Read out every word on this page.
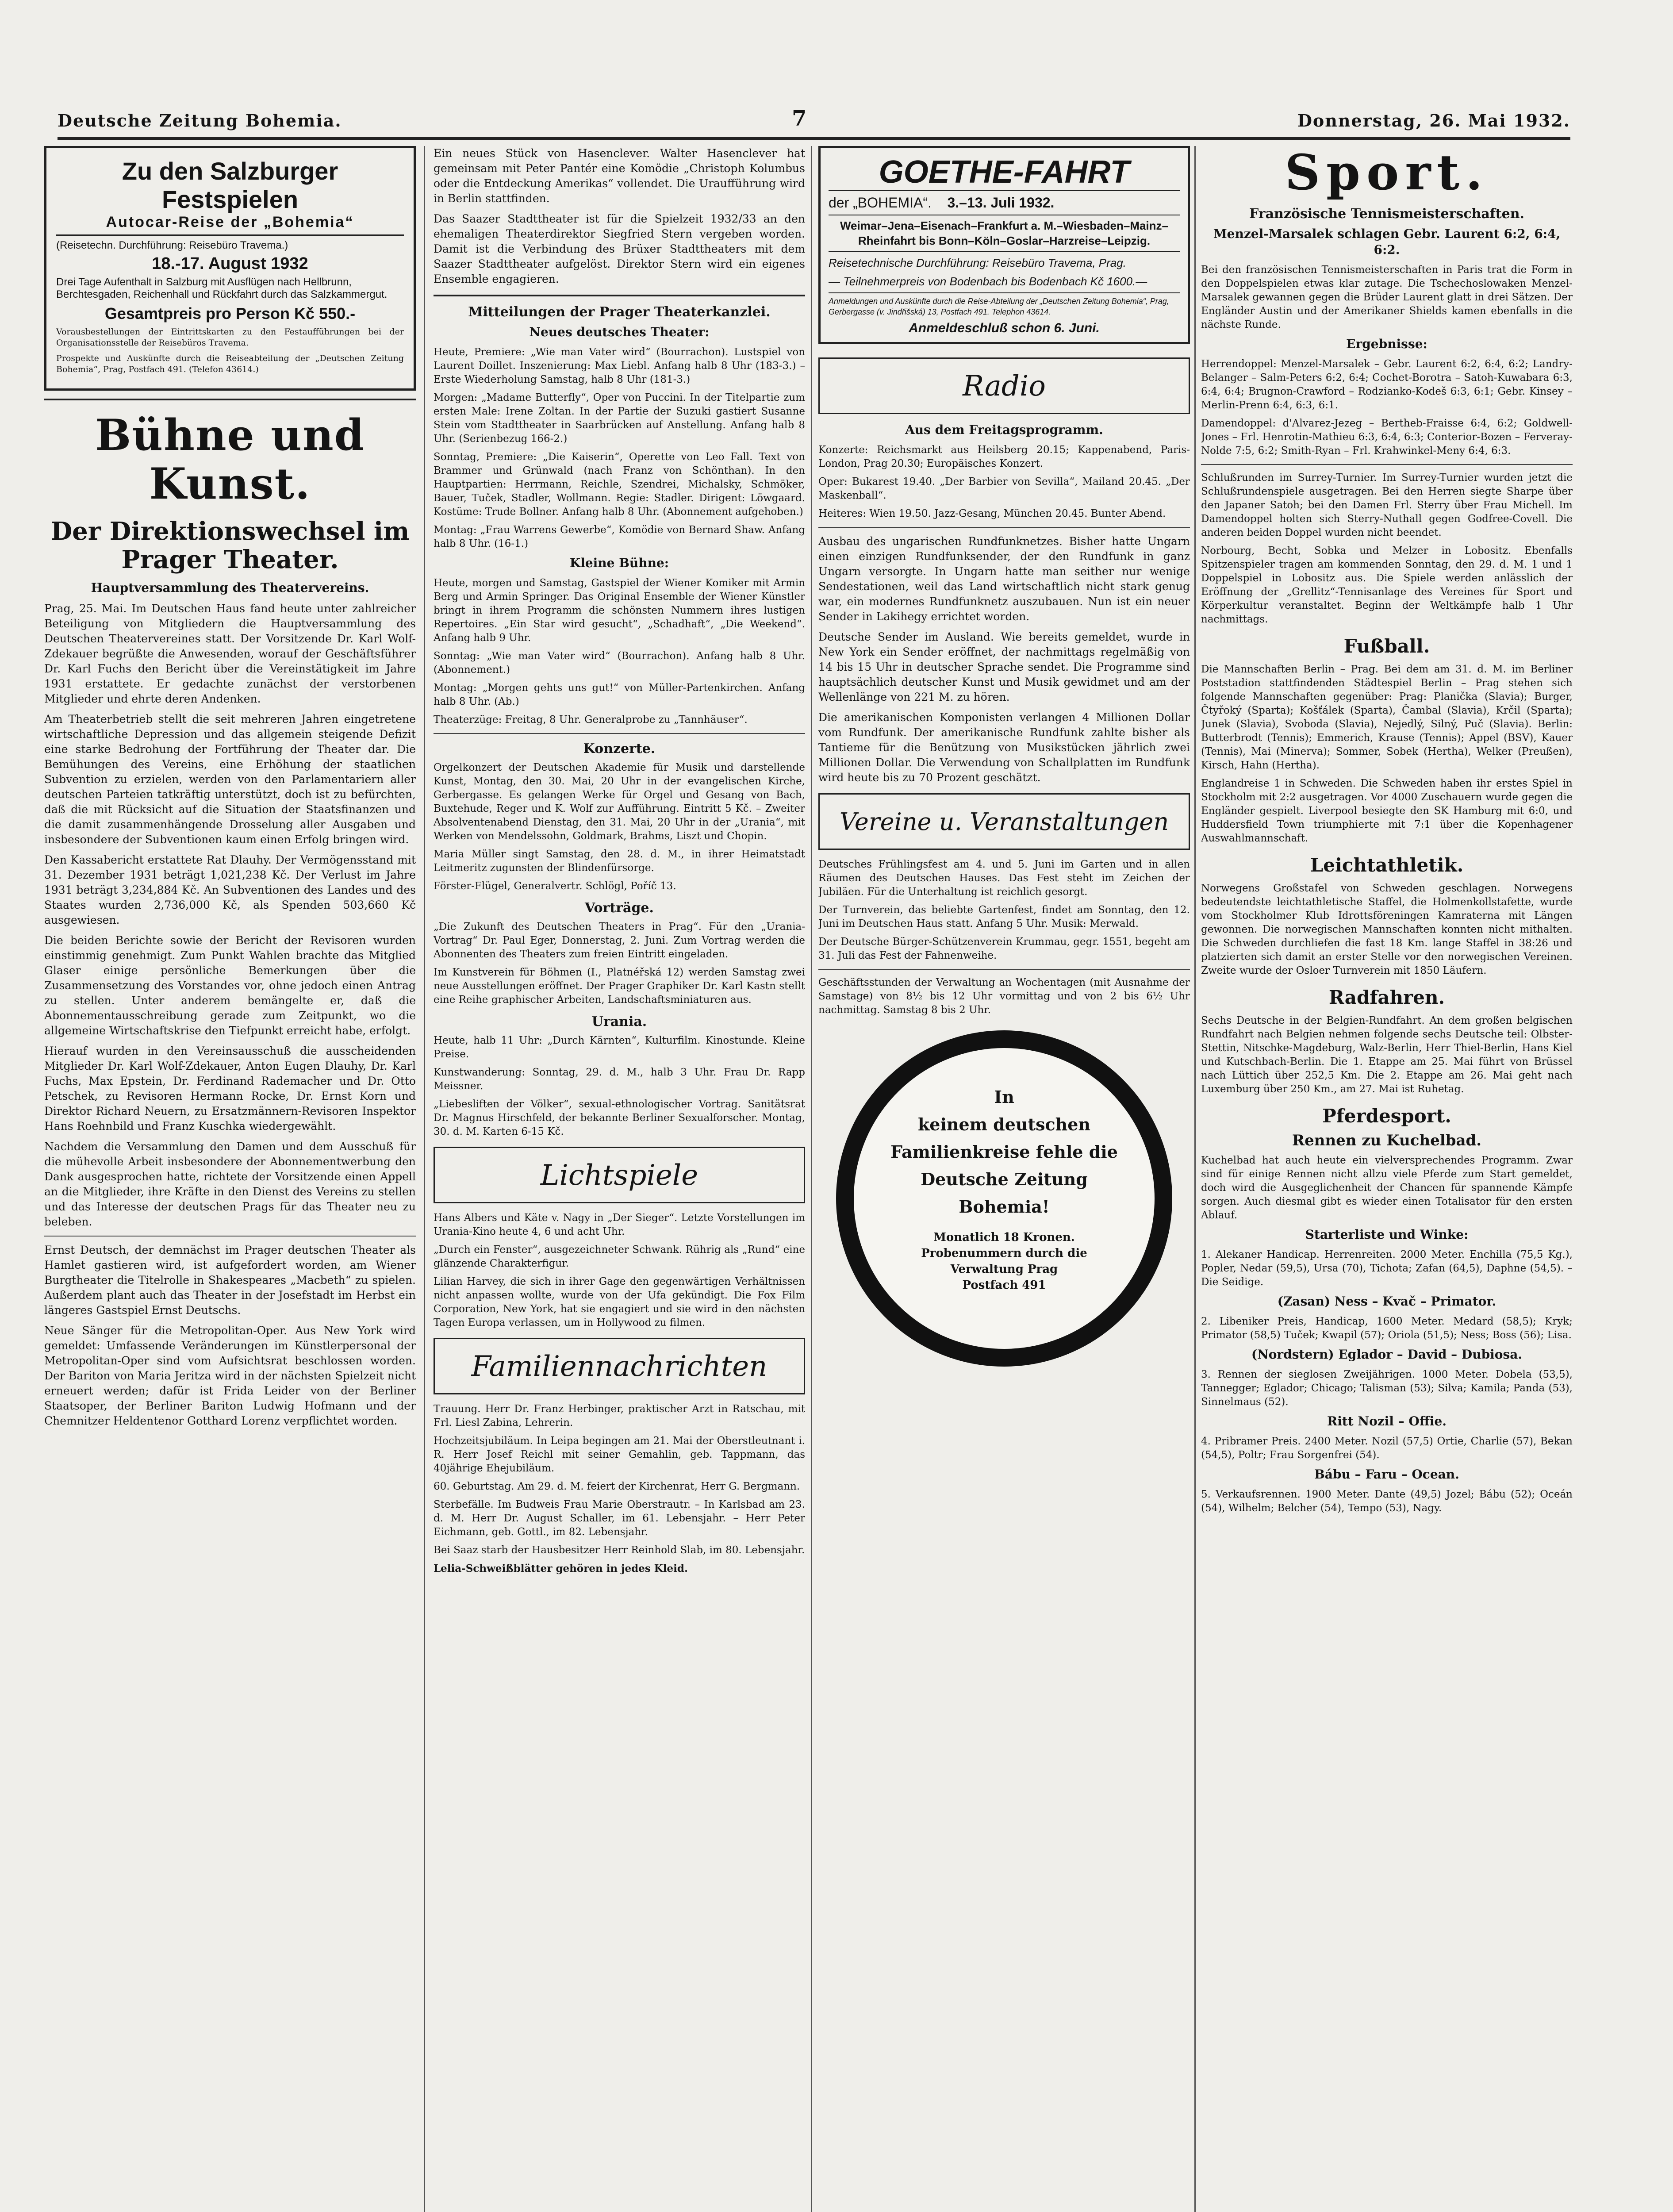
Deutsche Zeitung Bohemia.	7	Donnerstag, 26. Mai 1932.
Zu den Salzburger Festspielen
Autocar-Reise der „Bohemia“
(Reisetechn. Durchführung: Reisebüro Travema.)
18.-17. August 1932
Drei Tage Aufenthalt in Salzburg mit Ausflügen nach Hellbrunn, Berchtesgaden, Reichenhall und Rückfahrt durch das Salzkammergut.
Gesamtpreis pro Person Kč 550.-
Vorausbestellungen der Eintrittskarten zu den Festaufführungen bei der Organisationsstelle der Reisebüros Travema.
Prospekte und Auskünfte durch die Reiseabteilung der „Deutschen Zeitung Bohemia“, Prag, Postfach 491. (Telefon 43614.)
Bühne und Kunst.
Der Direktionswechsel im Prager Theater.
Hauptversammlung des Theatervereins.

Prag, 25. Mai. Im Deutschen Haus fand heute unter zahlreicher Beteiligung von Mitgliedern die Hauptversammlung des Deutschen Theatervereines statt. Der Vorsitzende Dr. Karl Wolf-Zdekauer begrüßte die Anwesenden, worauf der Geschäftsführer Dr. Karl Fuchs den Bericht über die Vereinstätigkeit im Jahre 1931 erstattete. Er gedachte zunächst der verstorbenen Mitglieder und ehrte deren Andenken.

Am Theaterbetrieb stellt die seit mehreren Jahren eingetretene wirtschaftliche Depression und das allgemein steigende Defizit eine starke Bedrohung der Fortführung der Theater dar. Die Bemühungen des Vereins, eine Erhöhung der staatlichen Subvention zu erzielen, werden von den Parlamentariern aller deutschen Parteien tatkräftig unterstützt, doch ist zu befürchten, daß die mit Rücksicht auf die Situation der Staatsfinanzen und die damit zusammenhängende Drosselung aller Ausgaben und insbesondere der Subventionen kaum einen Erfolg bringen wird.

Den Kassabericht erstattete Rat Dlauhy. Der Vermögensstand mit 31. Dezember 1931 beträgt 1,021,238 Kč. Der Verlust im Jahre 1931 beträgt 3,234,884 Kč. An Subventionen des Landes und des Staates wurden 2,736,000 Kč, als Spenden 503,660 Kč ausgewiesen.

Die beiden Berichte sowie der Bericht der Revisoren wurden einstimmig genehmigt. Zum Punkt Wahlen brachte das Mitglied Glaser einige persönliche Bemerkungen über die Zusammensetzung des Vorstandes vor, ohne jedoch einen Antrag zu stellen. Unter anderem bemängelte er, daß die Abonnementausschreibung gerade zum Zeitpunkt, wo die allgemeine Wirtschaftskrise den Tiefpunkt erreicht habe, erfolgt.

Hierauf wurden in den Vereinsausschuß die ausscheidenden Mitglieder Dr. Karl Wolf-Zdekauer, Anton Eugen Dlauhy, Dr. Karl Fuchs, Max Epstein, Dr. Ferdinand Rademacher und Dr. Otto Petschek, zu Revisoren Hermann Rocke, Dr. Ernst Korn und Direktor Richard Neuern, zu Ersatzmännern-Revisoren Inspektor Hans Roehnbild und Franz Kuschka wiedergewählt.

Nachdem die Versammlung den Damen und dem Ausschuß für die mühevolle Arbeit insbesondere der Abonnementwerbung den Dank ausgesprochen hatte, richtete der Vorsitzende einen Appell an die Mitglieder, ihre Kräfte in den Dienst des Vereins zu stellen und das Interesse der deutschen Prags für das Theater neu zu beleben.

Ernst Deutsch, der demnächst im Prager deutschen Theater als Hamlet gastieren wird, ist aufgefordert worden, am Wiener Burgtheater die Titelrolle in Shakespeares „Macbeth“ zu spielen. Außerdem plant auch das Theater in der Josefstadt im Herbst ein längeres Gastspiel Ernst Deutschs.

Neue Sänger für die Metropolitan-Oper. Aus New York wird gemeldet: Umfassende Veränderungen im Künstlerpersonal der Metropolitan-Oper sind vom Aufsichtsrat beschlossen worden. Der Bariton von Maria Jeritza wird in der nächsten Spielzeit nicht erneuert werden; dafür ist Frida Leider von der Berliner Staatsoper, der Berliner Bariton Ludwig Hofmann und der Chemnitzer Heldentenor Gotthard Lorenz verpflichtet worden.

Ein neues Stück von Hasenclever. Walter Hasenclever hat gemeinsam mit Peter Pantér eine Komödie „Christoph Kolumbus oder die Entdeckung Amerikas“ vollendet. Die Uraufführung wird in Berlin stattfinden.

Das Saazer Stadttheater ist für die Spielzeit 1932/33 an den ehemaligen Theaterdirektor Siegfried Stern vergeben worden. Damit ist die Verbindung des Brüxer Stadttheaters mit dem Saazer Stadttheater aufgelöst. Direktor Stern wird ein eigenes Ensemble engagieren.

Mitteilungen der Prager Theaterkanzlei.
Neues deutsches Theater:

Heute, Premiere: „Wie man Vater wird“ (Bourrachon). Lustspiel von Laurent Doillet. Inszenierung: Max Liebl. Anfang halb 8 Uhr (183-3.) – Erste Wiederholung Samstag, halb 8 Uhr (181-3.)

Morgen: „Madame Butterfly“, Oper von Puccini. In der Titelpartie zum ersten Male: Irene Zoltan. In der Partie der Suzuki gastiert Susanne Stein vom Stadttheater in Saarbrücken auf Anstellung. Anfang halb 8 Uhr. (Serienbezug 166-2.)

Sonntag, Premiere: „Die Kaiserin“, Operette von Leo Fall. Text von Brammer und Grünwald (nach Franz von Schönthan). In den Hauptpartien: Herrmann, Reichle, Szendrei, Michalsky, Schmöker, Bauer, Tuček, Stadler, Wollmann. Regie: Stadler. Dirigent: Löwgaard. Kostüme: Trude Bollner. Anfang halb 8 Uhr. (Abonnement aufgehoben.)

Montag: „Frau Warrens Gewerbe“, Komödie von Bernard Shaw. Anfang halb 8 Uhr. (16-1.)

Kleine Bühne:

Heute, morgen und Samstag, Gastspiel der Wiener Komiker mit Armin Berg und Armin Springer. Das Original Ensemble der Wiener Künstler bringt in ihrem Programm die schönsten Nummern ihres lustigen Repertoires. „Ein Star wird gesucht“, „Schadhaft“, „Die Weekend“. Anfang halb 9 Uhr.

Sonntag: „Wie man Vater wird“ (Bourrachon). Anfang halb 8 Uhr. (Abonnement.)

Montag: „Morgen gehts uns gut!“ von Müller-Partenkirchen. Anfang halb 8 Uhr. (Ab.)

Theaterzüge: Freitag, 8 Uhr. Generalprobe zu „Tannhäuser“.

Konzerte.

Orgelkonzert der Deutschen Akademie für Musik und darstellende Kunst, Montag, den 30. Mai, 20 Uhr in der evangelischen Kirche, Gerbergasse. Es gelangen Werke für Orgel und Gesang von Bach, Buxtehude, Reger und K. Wolf zur Aufführung. Eintritt 5 Kč. – Zweiter Absolventenabend Dienstag, den 31. Mai, 20 Uhr in der „Urania“, mit Werken von Mendelssohn, Goldmark, Brahms, Liszt und Chopin.

Maria Müller singt Samstag, den 28. d. M., in ihrer Heimatstadt Leitmeritz zugunsten der Blindenfürsorge.

Förster-Flügel, Generalvertr. Schlögl, Poříč 13.

Vorträge.

„Die Zukunft des Deutschen Theaters in Prag“. Für den „Urania-Vortrag“ Dr. Paul Eger, Donnerstag, 2. Juni. Zum Vortrag werden die Abonnenten des Theaters zum freien Eintritt eingeladen.

Im Kunstverein für Böhmen (I., Platnéřská 12) werden Samstag zwei neue Ausstellungen eröffnet. Der Prager Graphiker Dr. Karl Kastn stellt eine Reihe graphischer Arbeiten, Landschaftsminiaturen aus.

Urania.

Heute, halb 11 Uhr: „Durch Kärnten“, Kulturfilm. Kinostunde. Kleine Preise.

Kunstwanderung: Sonntag, 29. d. M., halb 3 Uhr. Frau Dr. Rapp Meissner.

„Liebesliften der Völker“, sexual-ethnologischer Vortrag. Sanitätsrat Dr. Magnus Hirschfeld, der bekannte Berliner Sexualforscher. Montag, 30. d. M. Karten 6-15 Kč.

Lichtspiele

Hans Albers und Käte v. Nagy in „Der Sieger“. Letzte Vorstellungen im Urania-Kino heute 4, 6 und acht Uhr.

„Durch ein Fenster“, ausgezeichneter Schwank. Rührig als „Rund“ eine glänzende Charakterfigur.

Lilian Harvey, die sich in ihrer Gage den gegenwärtigen Verhältnissen nicht anpassen wollte, wurde von der Ufa gekündigt. Die Fox Film Corporation, New York, hat sie engagiert und sie wird in den nächsten Tagen Europa verlassen, um in Hollywood zu filmen.

Familiennachrichten

Trauung. Herr Dr. Franz Herbinger, praktischer Arzt in Ratschau, mit Frl. Liesl Zabina, Lehrerin.

Hochzeitsjubiläum. In Leipa begingen am 21. Mai der Oberstleutnant i. R. Herr Josef Reichl mit seiner Gemahlin, geb. Tappmann, das 40jährige Ehejubiläum.

60. Geburtstag. Am 29. d. M. feiert der Kirchenrat, Herr G. Bergmann.

Sterbefälle. Im Budweis Frau Marie Oberstrautr. – In Karlsbad am 23. d. M. Herr Dr. August Schaller, im 61. Lebensjahr. – Herr Peter Eichmann, geb. Gottl., im 82. Lebensjahr.

Bei Saaz starb der Hausbesitzer Herr Reinhold Slab, im 80. Lebensjahr.

Lelia-Schweißblätter gehören in jedes Kleid.

GOETHE-FAHRT
der „BOHEMIA“. 3.–13. Juli 1932.
Weimar–Jena–Eisenach–Frankfurt a. M.–Wiesbaden–Mainz–Rheinfahrt bis Bonn–Köln–Goslar–Harzreise–Leipzig.
Reisetechnische Durchführung: Reisebüro Travema, Prag.
— Teilnehmerpreis von Bodenbach bis Bodenbach Kč 1600.—
Anmeldungen und Auskünfte durch die Reise-Abteilung der „Deutschen Zeitung Bohemia“, Prag, Gerbergasse (v. Jindřišská) 13, Postfach 491. Telephon 43614.
Anmeldeschluß schon 6. Juni.
Radio
Aus dem Freitagsprogramm.

Konzerte: Reichsmarkt aus Heilsberg 20.15; Kappenabend, Paris-London, Prag 20.30; Europäisches Konzert.

Oper: Bukarest 19.40. „Der Barbier von Sevilla“, Mailand 20.45. „Der Maskenball“.

Heiteres: Wien 19.50. Jazz-Gesang, München 20.45. Bunter Abend.

Ausbau des ungarischen Rundfunknetzes. Bisher hatte Ungarn einen einzigen Rundfunksender, der den Rundfunk in ganz Ungarn versorgte. In Ungarn hatte man seither nur wenige Sendestationen, weil das Land wirtschaftlich nicht stark genug war, ein modernes Rundfunknetz auszubauen. Nun ist ein neuer Sender in Lakihegy errichtet worden.

Deutsche Sender im Ausland. Wie bereits gemeldet, wurde in New York ein Sender eröffnet, der nachmittags regelmäßig von 14 bis 15 Uhr in deutscher Sprache sendet. Die Programme sind hauptsächlich deutscher Kunst und Musik gewidmet und am der Wellenlänge von 221 M. zu hören.

Die amerikanischen Komponisten verlangen 4 Millionen Dollar vom Rundfunk. Der amerikanische Rundfunk zahlte bisher als Tantieme für die Benützung von Musikstücken jährlich zwei Millionen Dollar. Die Verwendung von Schallplatten im Rundfunk wird heute bis zu 70 Prozent geschätzt.

Vereine u. Veranstaltungen

Deutsches Frühlingsfest am 4. und 5. Juni im Garten und in allen Räumen des Deutschen Hauses. Das Fest steht im Zeichen der Jubiläen. Für die Unterhaltung ist reichlich gesorgt.

Der Turnverein, das beliebte Gartenfest, findet am Sonntag, den 12. Juni im Deutschen Haus statt. Anfang 5 Uhr. Musik: Merwald.

Der Deutsche Bürger-Schützenverein Krummau, gegr. 1551, begeht am 31. Juli das Fest der Fahnenweihe.

Geschäftsstunden der Verwaltung an Wochentagen (mit Ausnahme der Samstage) von 8½ bis 12 Uhr vormittag und von 2 bis 6½ Uhr nachmittag. Samstag 8 bis 2 Uhr.

In
keinem deutschen
Familienkreise fehle die
Deutsche Zeitung Bohemia!
Monatlich 18 Kronen.
Probenummern durch die
Verwaltung Prag
Postfach 491
Sport.
Französische Tennismeisterschaften.
Menzel-Marsalek schlagen Gebr. Laurent 6:2, 6:4, 6:2.

Bei den französischen Tennismeisterschaften in Paris trat die Form in den Doppelspielen etwas klar zutage. Die Tschechoslowaken Menzel-Marsalek gewannen gegen die Brüder Laurent glatt in drei Sätzen. Der Engländer Austin und der Amerikaner Shields kamen ebenfalls in die nächste Runde.

Ergebnisse:

Herrendoppel: Menzel-Marsalek – Gebr. Laurent 6:2, 6:4, 6:2; Landry-Belanger – Salm-Peters 6:2, 6:4; Cochet-Borotra – Satoh-Kuwabara 6:3, 6:4, 6:4; Brugnon-Crawford – Rodzianko-Kodeš 6:3, 6:1; Gebr. Kinsey – Merlin-Prenn 6:4, 6:3, 6:1.

Damendoppel: d'Alvarez-Jezeg – Bertheb-Fraisse 6:4, 6:2; Goldwell-Jones – Frl. Henrotin-Mathieu 6:3, 6:4, 6:3; Conterior-Bozen – Ferveray-Nolde 7:5, 6:2; Smith-Ryan – Frl. Krahwinkel-Meny 6:4, 6:3.

Schlußrunden im Surrey-Turnier. Im Surrey-Turnier wurden jetzt die Schlußrundenspiele ausgetragen. Bei den Herren siegte Sharpe über den Japaner Satoh; bei den Damen Frl. Sterry über Frau Michell. Im Damendoppel holten sich Sterry-Nuthall gegen Godfree-Covell. Die anderen beiden Doppel wurden nicht beendet.

Norbourg, Becht, Sobka und Melzer in Lobositz. Ebenfalls Spitzenspieler tragen am kommenden Sonntag, den 29. d. M. 1 und 1 Doppelspiel in Lobositz aus. Die Spiele werden anlässlich der Eröffnung der „Grellitz“-Tennisanlage des Vereines für Sport und Körperkultur veranstaltet. Beginn der Weltkämpfe halb 1 Uhr nachmittags.

Fußball.

Die Mannschaften Berlin – Prag. Bei dem am 31. d. M. im Berliner Poststadion stattfindenden Städtespiel Berlin – Prag stehen sich folgende Mannschaften gegenüber: Prag: Planička (Slavia); Burger, Čtyřoký (Sparta); Košťálek (Sparta), Čambal (Slavia), Krčil (Sparta); Junek (Slavia), Svoboda (Slavia), Nejedlý, Silný, Puč (Slavia). Berlin: Butterbrodt (Tennis); Emmerich, Krause (Tennis); Appel (BSV), Kauer (Tennis), Mai (Minerva); Sommer, Sobek (Hertha), Welker (Preußen), Kirsch, Hahn (Hertha).

Englandreise 1 in Schweden. Die Schweden haben ihr erstes Spiel in Stockholm mit 2:2 ausgetragen. Vor 4000 Zuschauern wurde gegen die Engländer gespielt. Liverpool besiegte den SK Hamburg mit 6:0, und Huddersfield Town triumphierte mit 7:1 über die Kopenhagener Auswahlmannschaft.

Leichtathletik.

Norwegens Großstafel von Schweden geschlagen. Norwegens bedeutendste leichtathletische Staffel, die Holmenkollstafette, wurde vom Stockholmer Klub Idrottsföreningen Kamraterna mit Längen gewonnen. Die norwegischen Mannschaften konnten nicht mithalten. Die Schweden durchliefen die fast 18 Km. lange Staffel in 38:26 und platzierten sich damit an erster Stelle vor den norwegischen Vereinen. Zweite wurde der Osloer Turnverein mit 1850 Läufern.

Radfahren.

Sechs Deutsche in der Belgien-Rundfahrt. An dem großen belgischen Rundfahrt nach Belgien nehmen folgende sechs Deutsche teil: Olbster-Stettin, Nitschke-Magdeburg, Walz-Berlin, Herr Thiel-Berlin, Hans Kiel und Kutschbach-Berlin. Die 1. Etappe am 25. Mai führt von Brüssel nach Lüttich über 252,5 Km. Die 2. Etappe am 26. Mai geht nach Luxemburg über 250 Km., am 27. Mai ist Ruhetag.

Pferdesport.
Rennen zu Kuchelbad.

Kuchelbad hat auch heute ein vielversprechendes Programm. Zwar sind für einige Rennen nicht allzu viele Pferde zum Start gemeldet, doch wird die Ausgeglichenheit der Chancen für spannende Kämpfe sorgen. Auch diesmal gibt es wieder einen Totalisator für den ersten Ablauf.

Starterliste und Winke:

1. Alekaner Handicap. Herrenreiten. 2000 Meter. Enchilla (75,5 Kg.), Popler, Nedar (59,5), Ursa (70), Tichota; Zafan (64,5), Daphne (54,5). – Die Seidige.

(Zasan) Ness – Kvač – Primator.

2. Libeniker Preis, Handicap, 1600 Meter. Medard (58,5); Kryk; Primator (58,5) Tuček; Kwapil (57); Oriola (51,5); Ness; Boss (56); Lisa.

(Nordstern) Eglador – David – Dubiosa.

3. Rennen der sieglosen Zweijährigen. 1000 Meter. Dobela (53,5), Tannegger; Eglador; Chicago; Talisman (53); Silva; Kamila; Panda (53), Sinnelmaus (52).

Ritt Nozil – Offie.

4. Pribramer Preis. 2400 Meter. Nozil (57,5) Ortie, Charlie (57), Bekan (54,5), Poltr; Frau Sorgenfrei (54).

Bábu – Faru – Ocean.

5. Verkaufsrennen. 1900 Meter. Dante (49,5) Jozel; Bábu (52); Oceán (54), Wilhelm; Belcher (54), Tempo (53), Nagy.
